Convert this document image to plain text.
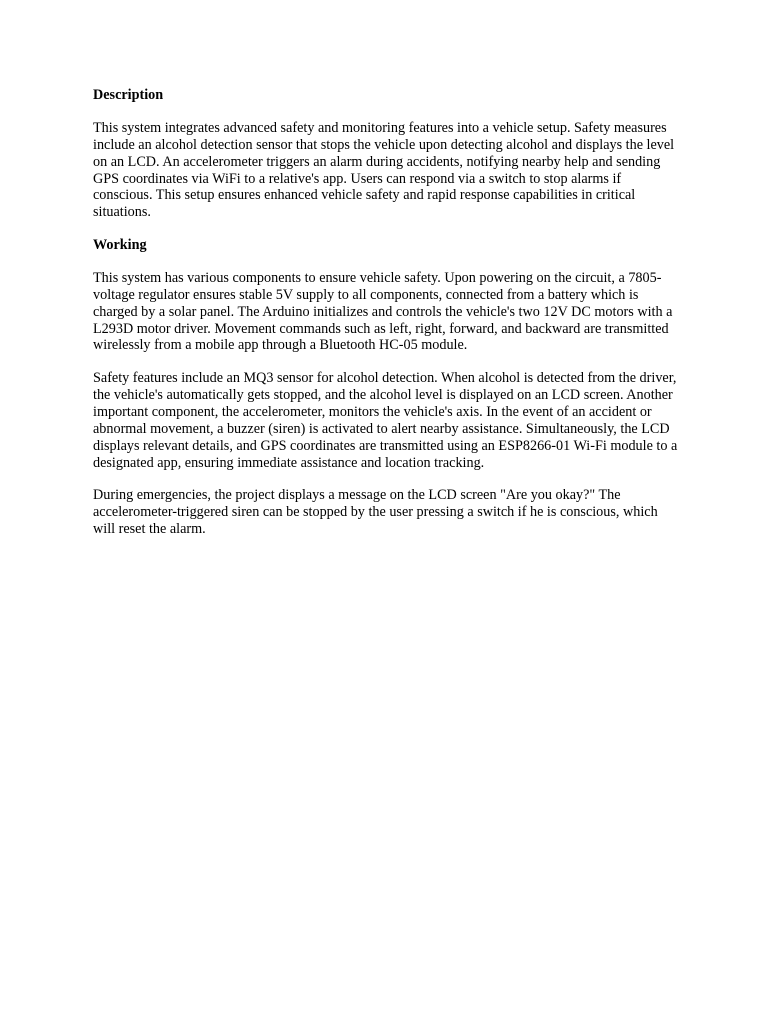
Description

This system integrates advanced safety and monitoring features into a vehicle setup. Safety measures include an alcohol detection sensor that stops the vehicle upon detecting alcohol and displays the level on an LCD. An accelerometer triggers an alarm during accidents, notifying nearby help and sending GPS coordinates via WiFi to a relative's app. Users can respond via a switch to stop alarms if conscious. This setup ensures enhanced vehicle safety and rapid response capabilities in critical situations.

Working

This system has various components to ensure vehicle safety. Upon powering on the circuit, a 7805-voltage regulator ensures stable 5V supply to all components, connected from a battery which is charged by a solar panel. The Arduino initializes and controls the vehicle's two 12V DC motors with a L293D motor driver. Movement commands such as left, right, forward, and backward are transmitted wirelessly from a mobile app through a Bluetooth HC-05 module.

Safety features include an MQ3 sensor for alcohol detection. When alcohol is detected from the driver, the vehicle's automatically gets stopped, and the alcohol level is displayed on an LCD screen. Another important component, the accelerometer, monitors the vehicle's axis. In the event of an accident or abnormal movement, a buzzer (siren) is activated to alert nearby assistance. Simultaneously, the LCD displays relevant details, and GPS coordinates are transmitted using an ESP8266-01 Wi-Fi module to a designated app, ensuring immediate assistance and location tracking.

During emergencies, the project displays a message on the LCD screen "Are you okay?" The accelerometer-triggered siren can be stopped by the user pressing a switch if he is conscious, which will reset the alarm.
